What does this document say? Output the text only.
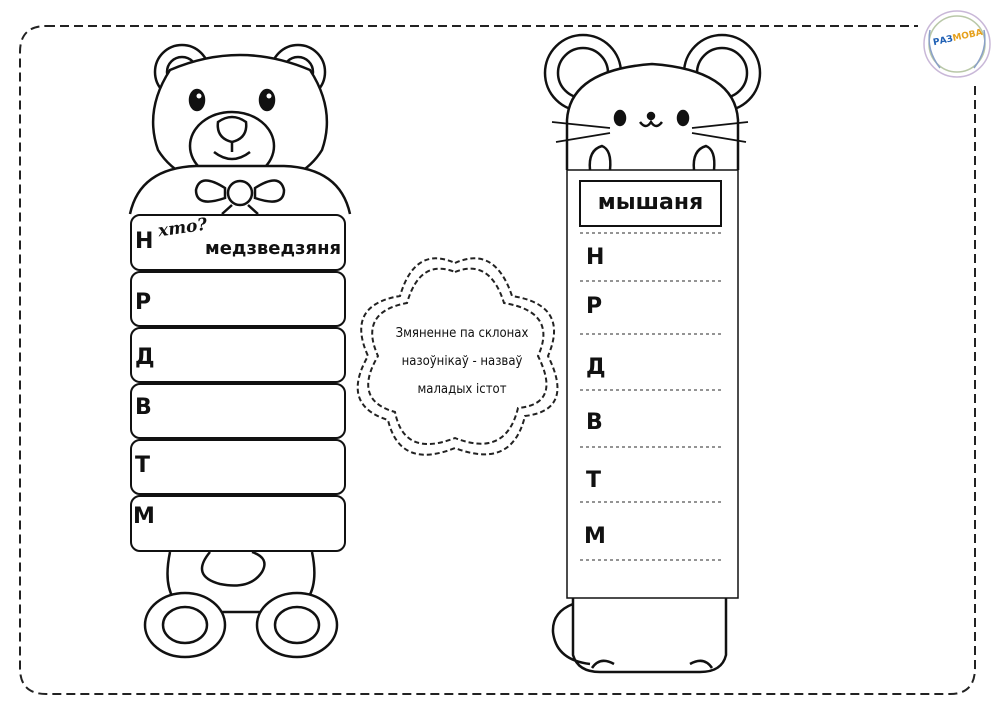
Н
хто?
медзведзяня
Р
Д
В
Т
М
мышаня
Н
Р
Д
В
Т
М
Змяненне па склонах
назоўнікаў - назваў
маладых істот
РАЗМОВА
